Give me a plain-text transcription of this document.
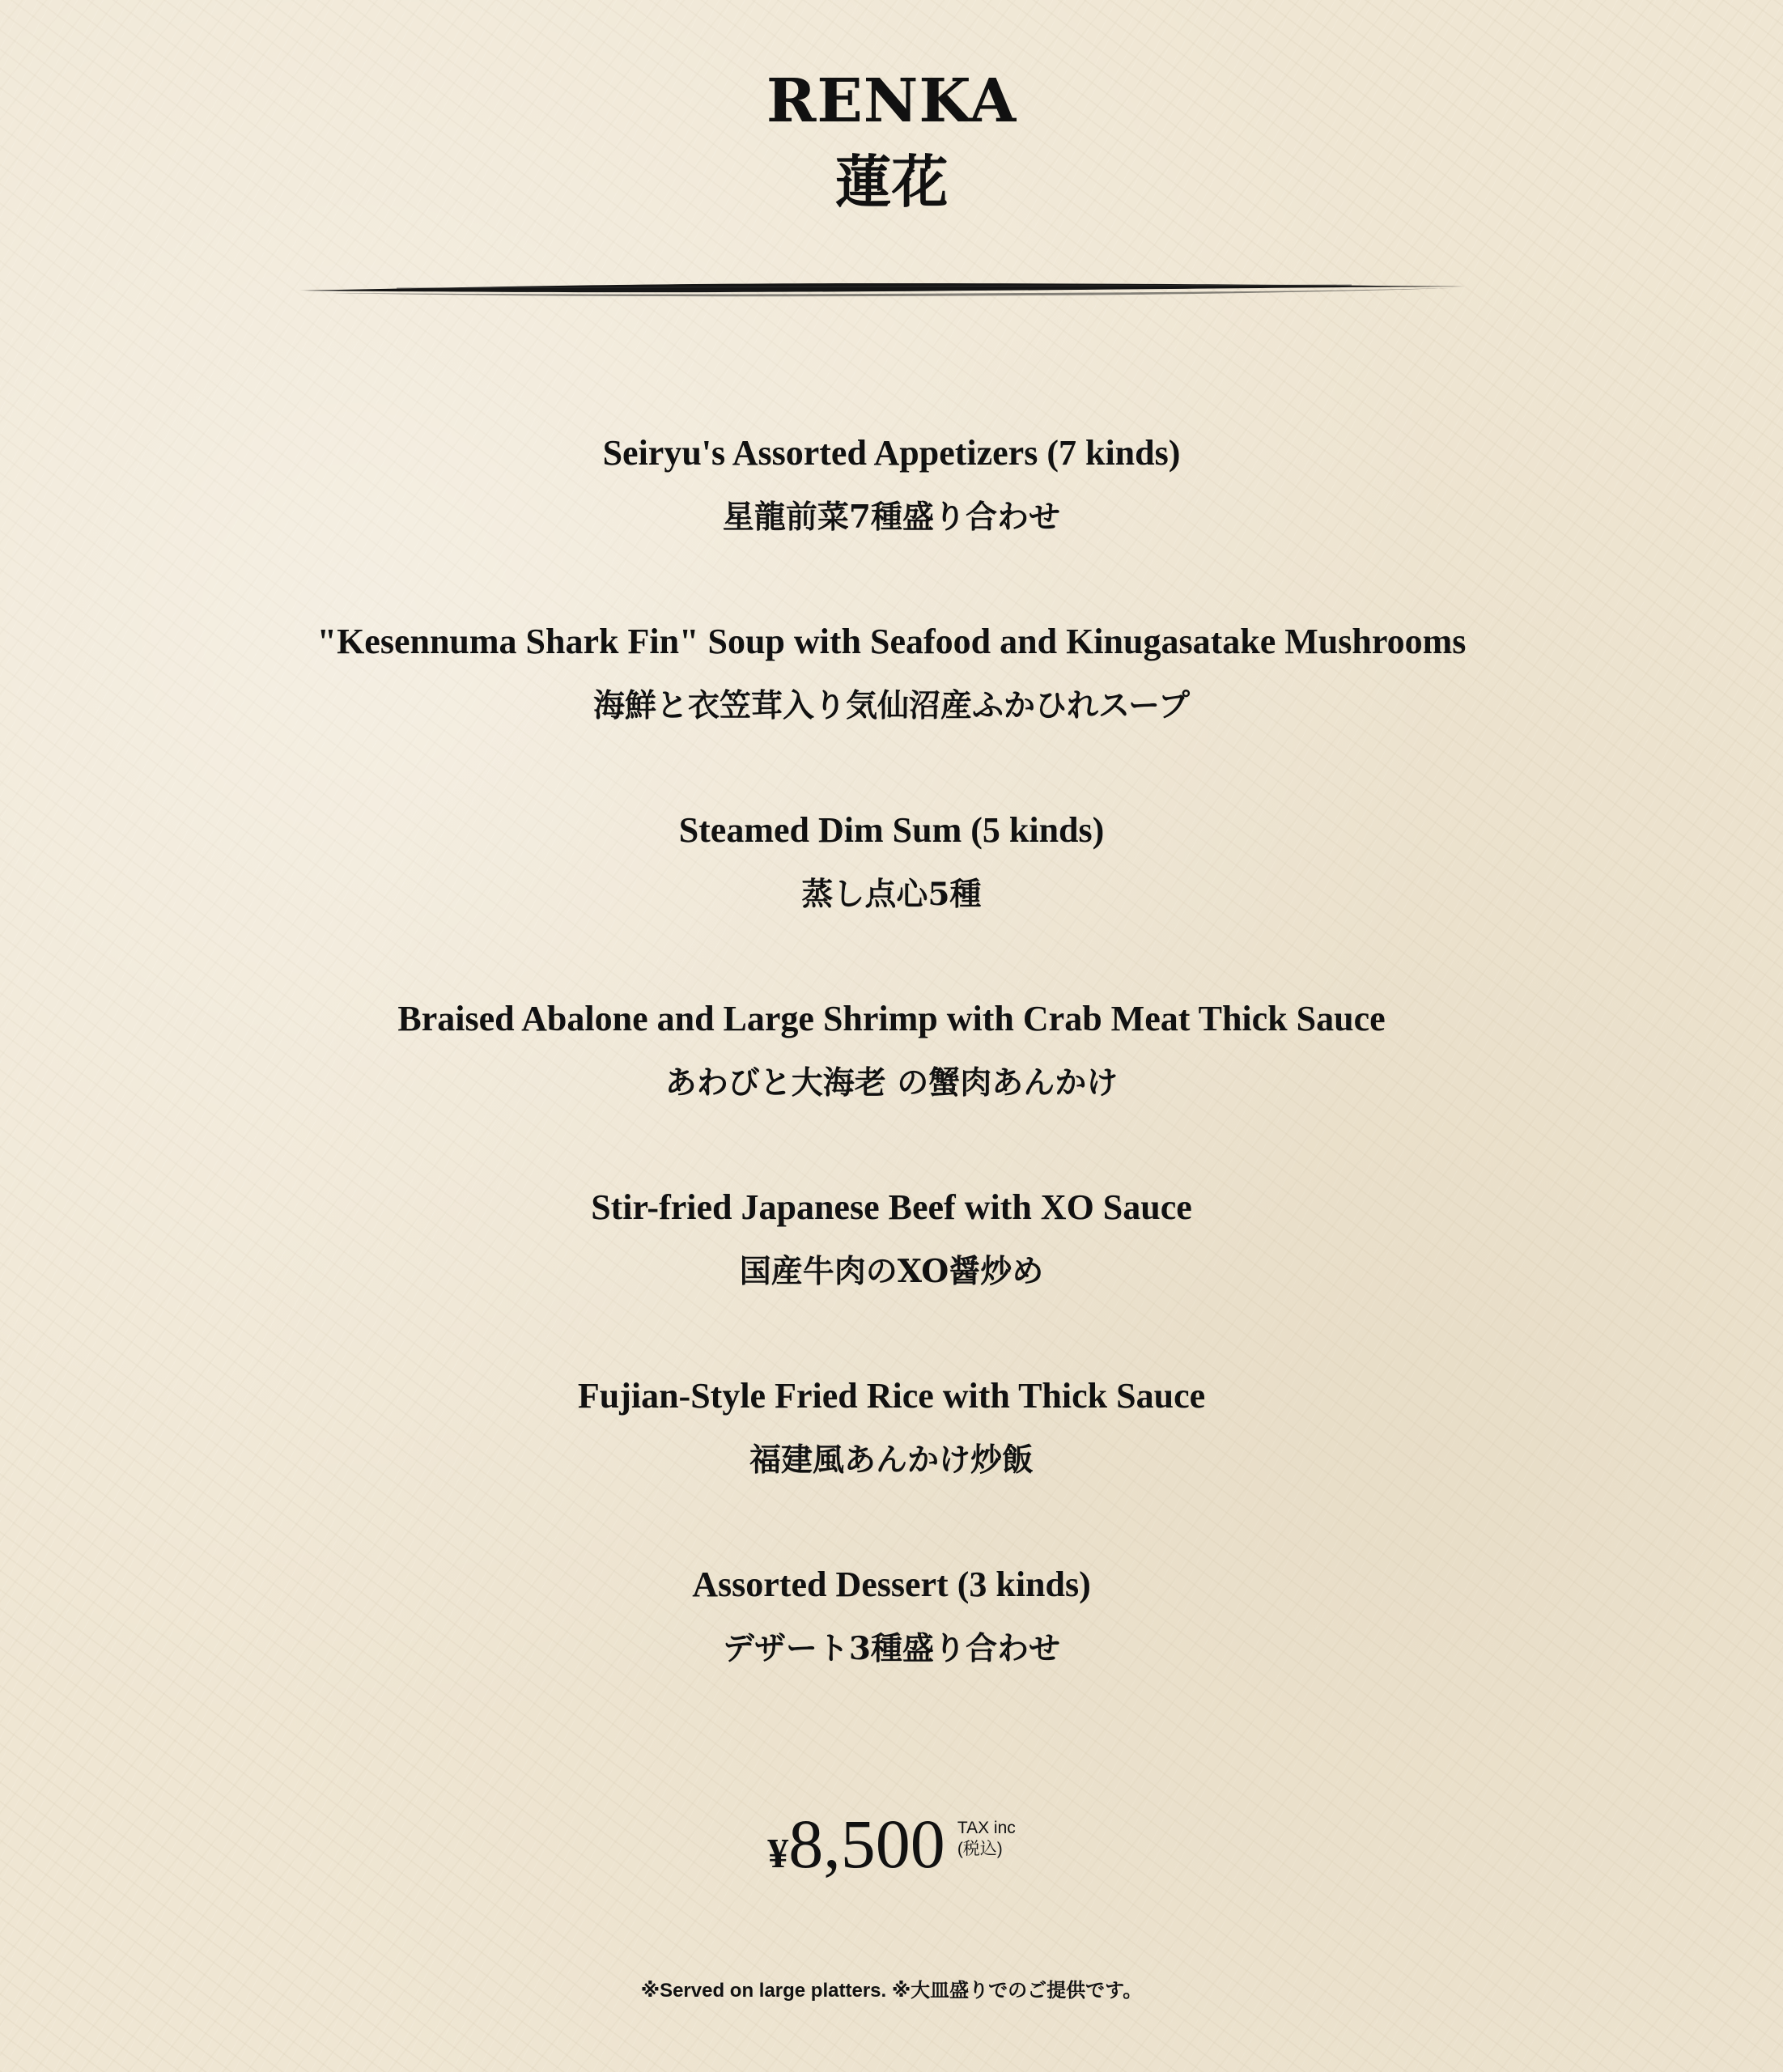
RENKA
蓮花
Seiryu's Assorted Appetizers (7 kinds)
星龍前菜7種盛り合わせ
"Kesennuma Shark Fin" Soup with Seafood and Kinugasatake Mushrooms
海鮮と衣笠茸入り気仙沼産ふかひれスープ
Steamed Dim Sum (5 kinds)
蒸し点心5種
Braised Abalone and Large Shrimp with Crab Meat Thick Sauce
あわびと大海老 の蟹肉あんかけ
Stir-fried Japanese Beef with XO Sauce
国産牛肉のXO醤炒め
Fujian-Style Fried Rice with Thick Sauce
福建風あんかけ炒飯
Assorted Dessert (3 kinds)
デザート3種盛り合わせ
¥8,500 TAX inc
(税込)
※Served on large platters. ※大皿盛りでのご提供です。
